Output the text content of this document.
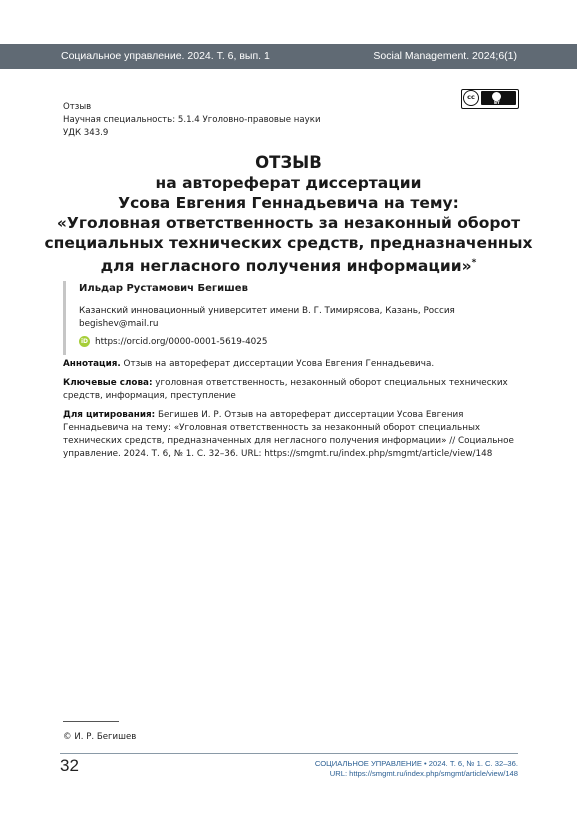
Социальное управление. 2024. Т. 6, вып. 1	Social Management. 2024;6(1)
Отзыв
Научная специальность: 5.1.4 Уголовно-правовые науки
УДК 343.9
cc
BY
ОТЗЫВ
на автореферат диссертации
Усова Евгения Геннадьевича на тему:
«Уголовная ответственность за незаконный оборот
специальных технических средств, предназначенных
для негласного получения информации»*
Ильдар Рустамович Бегишев
Казанский инновационный университет имени В. Г. Тимирясова, Казань, Россия
begishev@mail.ru
iD https://orcid.org/0000-0001-5619-4025
Аннотация. Отзыв на автореферат диссертации Усова Евгения Геннадьевича.
Ключевые слова: уголовная ответственность, незаконный оборот специальных технических средств, информация, преступление
Для цитирования: Бегишев И. Р. Отзыв на автореферат диссертации Усова Евгения Геннадьевича на тему: «Уголовная ответственность за незаконный оборот специальных технических средств, предназначенных для негласного получения информации» // Социальное управление. 2024. Т. 6, № 1. С. 32–36. URL: https://smgmt.ru/index.php/smgmt/article/view/148
© И. Р. Бегишев
32	СОЦИАЛЬНОЕ УПРАВЛЕНИЕ • 2024. Т. 6, № 1. С. 32–36.
URL: https://smgmt.ru/index.php/smgmt/article/view/148
